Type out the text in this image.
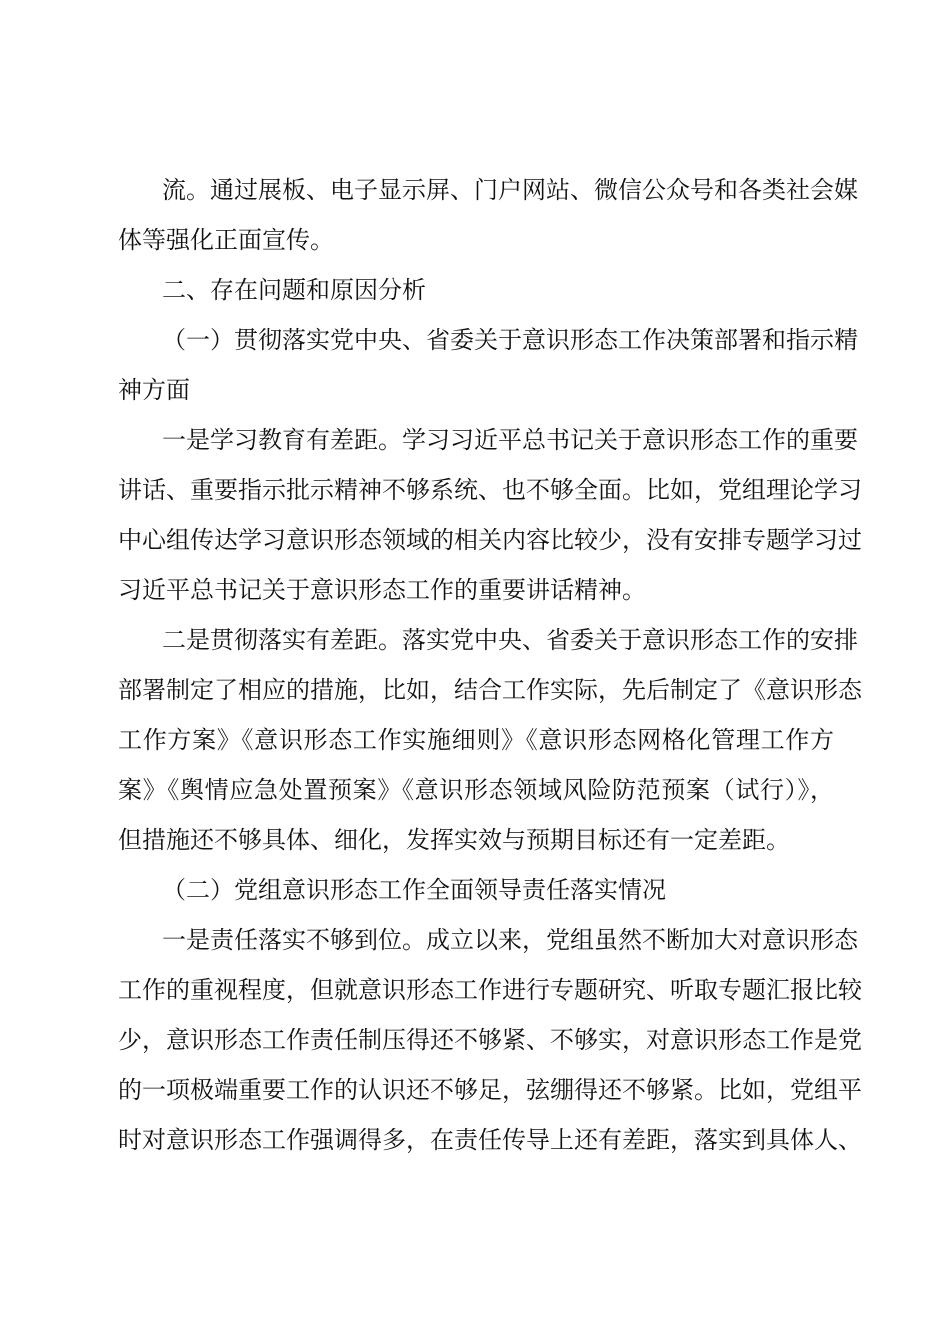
流。通过展板、电子显示屏、门户网站、微信公众号和各类社会媒
体等强化正面宣传。
二、存在问题和原因分析
（一）贯彻落实党中央、省委关于意识形态工作决策部署和指示精
神方面
一是学习教育有差距。学习习近平总书记关于意识形态工作的重要
讲话、重要指示批示精神不够系统、也不够全面。比如，党组理论学习
中心组传达学习意识形态领域的相关内容比较少，没有安排专题学习过
习近平总书记关于意识形态工作的重要讲话精神。
二是贯彻落实有差距。落实党中央、省委关于意识形态工作的安排
部署制定了相应的措施，比如，结合工作实际，先后制定了《意识形态
工作方案》《意识形态工作实施细则》《意识形态网格化管理工作方
案》《舆情应急处置预案》《意识形态领域风险防范预案（试行）》，
但措施还不够具体、细化，发挥实效与预期目标还有一定差距。
（二）党组意识形态工作全面领导责任落实情况
一是责任落实不够到位。成立以来，党组虽然不断加大对意识形态
工作的重视程度，但就意识形态工作进行专题研究、听取专题汇报比较
少，意识形态工作责任制压得还不够紧、不够实，对意识形态工作是党
的一项极端重要工作的认识还不够足，弦绷得还不够紧。比如，党组平
时对意识形态工作强调得多，在责任传导上还有差距，落实到具体人、
